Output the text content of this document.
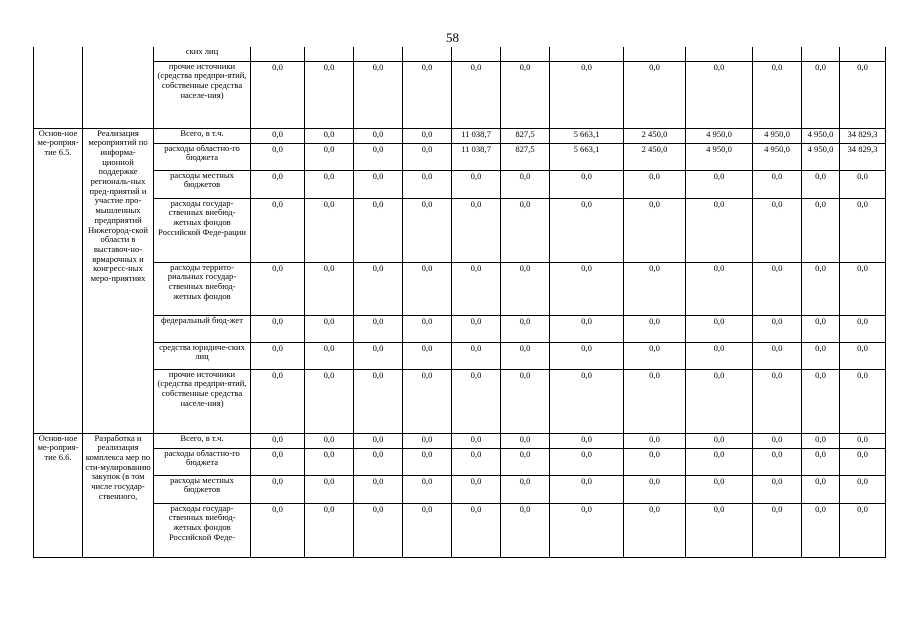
58
		ских лиц												
		прочие источники (средства предпри-ятий, собственные средства населе-ния)	0,0	0,0	0,0	0,0	0,0	0,0	0,0	0,0	0,0	0,0	0,0	0,0
Основ-ное ме-роприя-тие 6.5.	Реализация мероприятий по информа-ционной поддержке региональ-ных пред-приятий и участие про-мышленных предприятий Нижегород-ской области в выставоч-но-ярмарочных и конгресс-ных меро-приятиях	Всего, в т.ч.	0,0	0,0	0,0	0,0	11 038,7	827,5	5 663,1	2 450,0	4 950,0	4 950,0	4 950,0	34 829,3
		расходы областно-го бюджета	0,0	0,0	0,0	0,0	11 038,7	827,5	5 663,1	2 450,0	4 950,0	4 950,0	4 950,0	34 829,3
		расходы местных бюджетов	0,0	0,0	0,0	0,0	0,0	0,0	0,0	0,0	0,0	0,0	0,0	0,0
		расходы государ-ственных внебюд-жетных фондов Российской Феде-рации	0,0	0,0	0,0	0,0	0,0	0,0	0,0	0,0	0,0	0,0	0,0	0,0
		расходы террито-риальных государ-ственных внебюд-жетных фондов	0,0	0,0	0,0	0,0	0,0	0,0	0,0	0,0	0,0	0,0	0,0	0,0
		федеральный бюд-жет	0,0	0,0	0,0	0,0	0,0	0,0	0,0	0,0	0,0	0,0	0,0	0,0
		средства юридиче-ских лиц	0,0	0,0	0,0	0,0	0,0	0,0	0,0	0,0	0,0	0,0	0,0	0,0
		прочие источники (средства предпри-ятий, собственные средства населе-ния)	0,0	0,0	0,0	0,0	0,0	0,0	0,0	0,0	0,0	0,0	0,0	0,0
Основ-ное ме-роприя-тие 6.6.	Разработка и реализация комплекса мер по сти-мулированию закупок (в том числе государ-ственного,	Всего, в т.ч.	0,0	0,0	0,0	0,0	0,0	0,0	0,0	0,0	0,0	0,0	0,0	0,0
		расходы областно-го бюджета	0,0	0,0	0,0	0,0	0,0	0,0	0,0	0,0	0,0	0,0	0,0	0,0
		расходы местных бюджетов	0,0	0,0	0,0	0,0	0,0	0,0	0,0	0,0	0,0	0,0	0,0	0,0
		расходы государ-ственных внебюд-жетных фондов Российской Феде-	0,0	0,0	0,0	0,0	0,0	0,0	0,0	0,0	0,0	0,0	0,0	0,0
